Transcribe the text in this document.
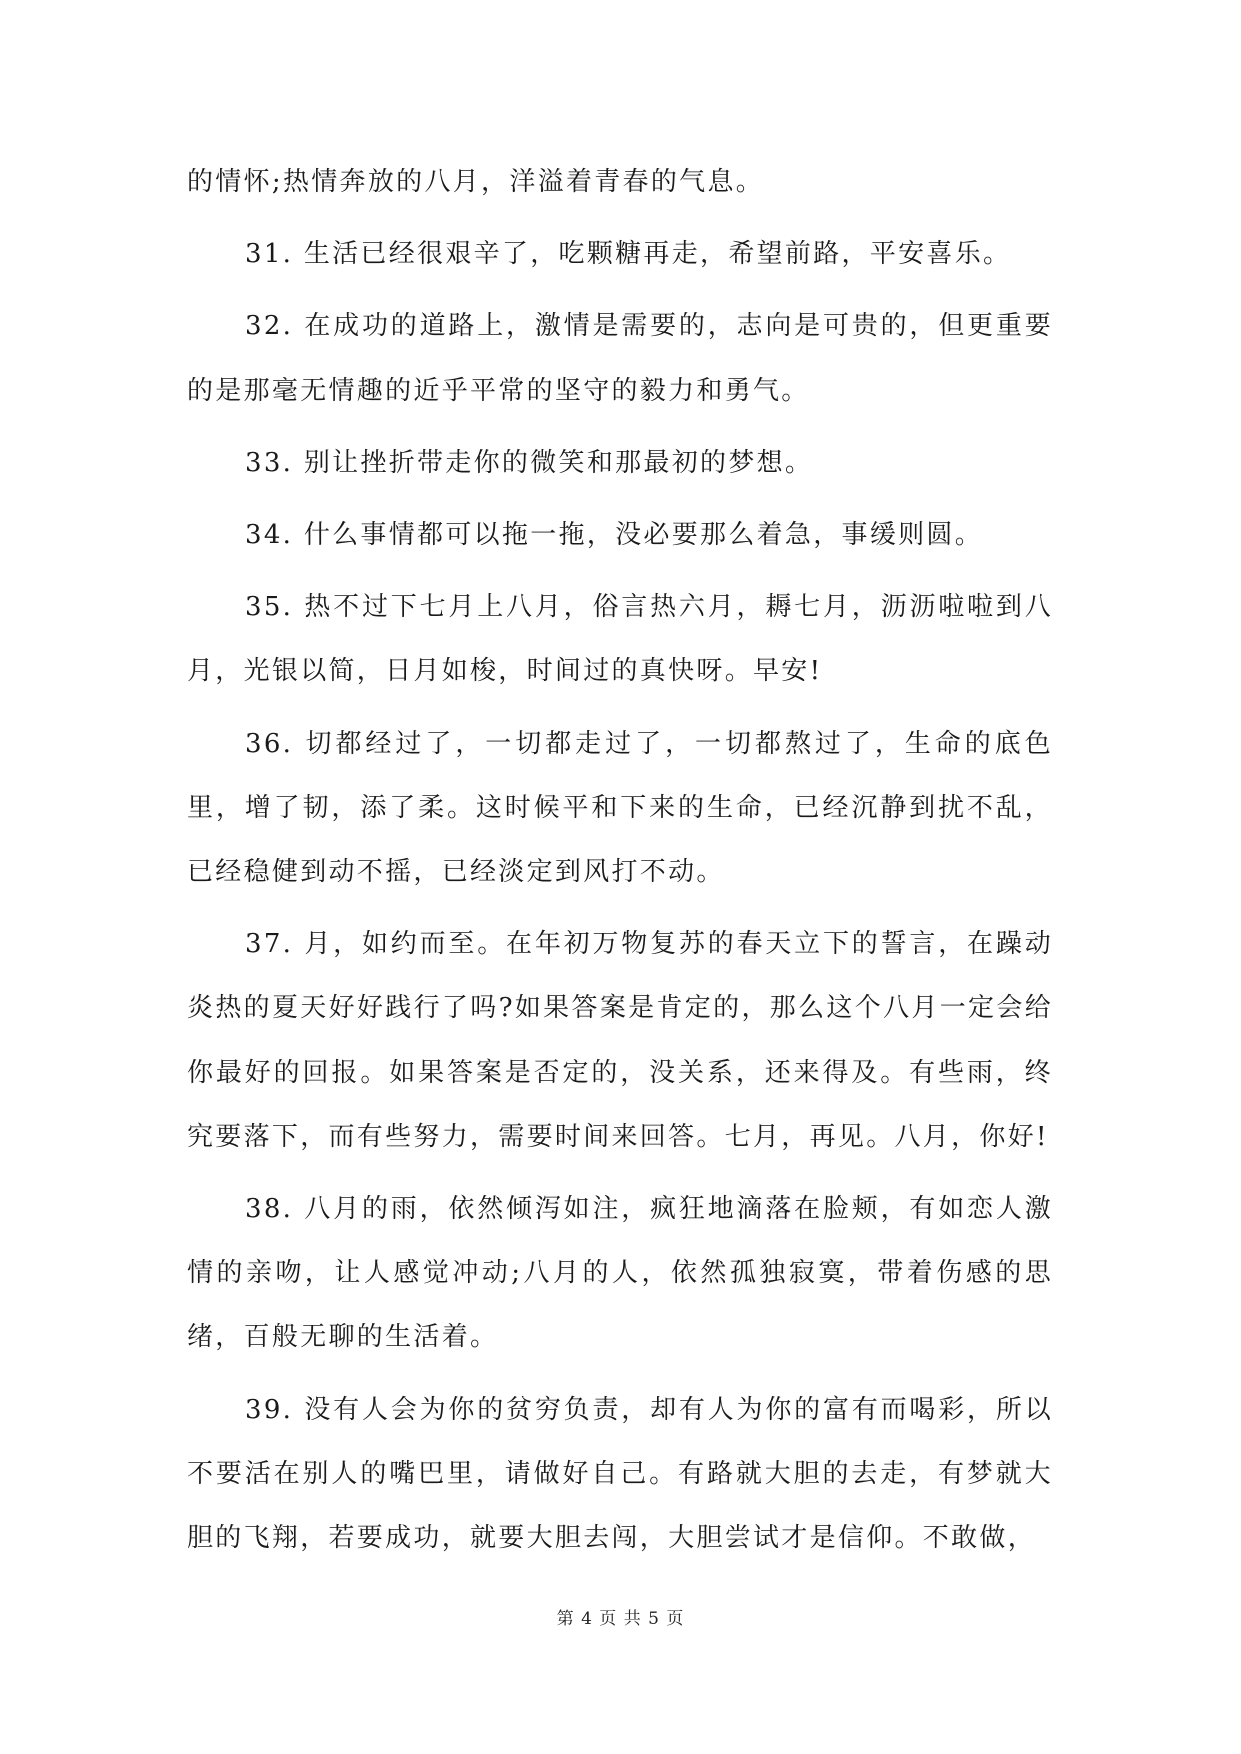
的情怀;热情奔放的八月，洋溢着青春的气息。

31. 生活已经很艰辛了，吃颗糖再走，希望前路，平安喜乐。

32. 在成功的道路上，激情是需要的，志向是可贵的，但更重要的是那毫无情趣的近乎平常的坚守的毅力和勇气。

33. 别让挫折带走你的微笑和那最初的梦想。

34. 什么事情都可以拖一拖，没必要那么着急，事缓则圆。

35. 热不过下七月上八月，俗言热六月，耨七月，沥沥啦啦到八月，光银以简，日月如梭，时间过的真快呀。早安!

36. 切都经过了，一切都走过了，一切都熬过了，生命的底色里，增了韧，添了柔。这时候平和下来的生命，已经沉静到扰不乱，已经稳健到动不摇，已经淡定到风打不动。

37. 月，如约而至。在年初万物复苏的春天立下的誓言，在躁动炎热的夏天好好践行了吗?如果答案是肯定的，那么这个八月一定会给你最好的回报。如果答案是否定的，没关系，还来得及。有些雨，终究要落下，而有些努力，需要时间来回答。七月，再见。八月，你好!

38. 八月的雨，依然倾泻如注，疯狂地滴落在脸颊，有如恋人激情的亲吻，让人感觉冲动;八月的人，依然孤独寂寞，带着伤感的思绪，百般无聊的生活着。

39. 没有人会为你的贫穷负责，却有人为你的富有而喝彩，所以不要活在别人的嘴巴里，请做好自己。有路就大胆的去走，有梦就大胆的飞翔，若要成功，就要大胆去闯，大胆尝试才是信仰。不敢做，

第 4 页 共 5 页
